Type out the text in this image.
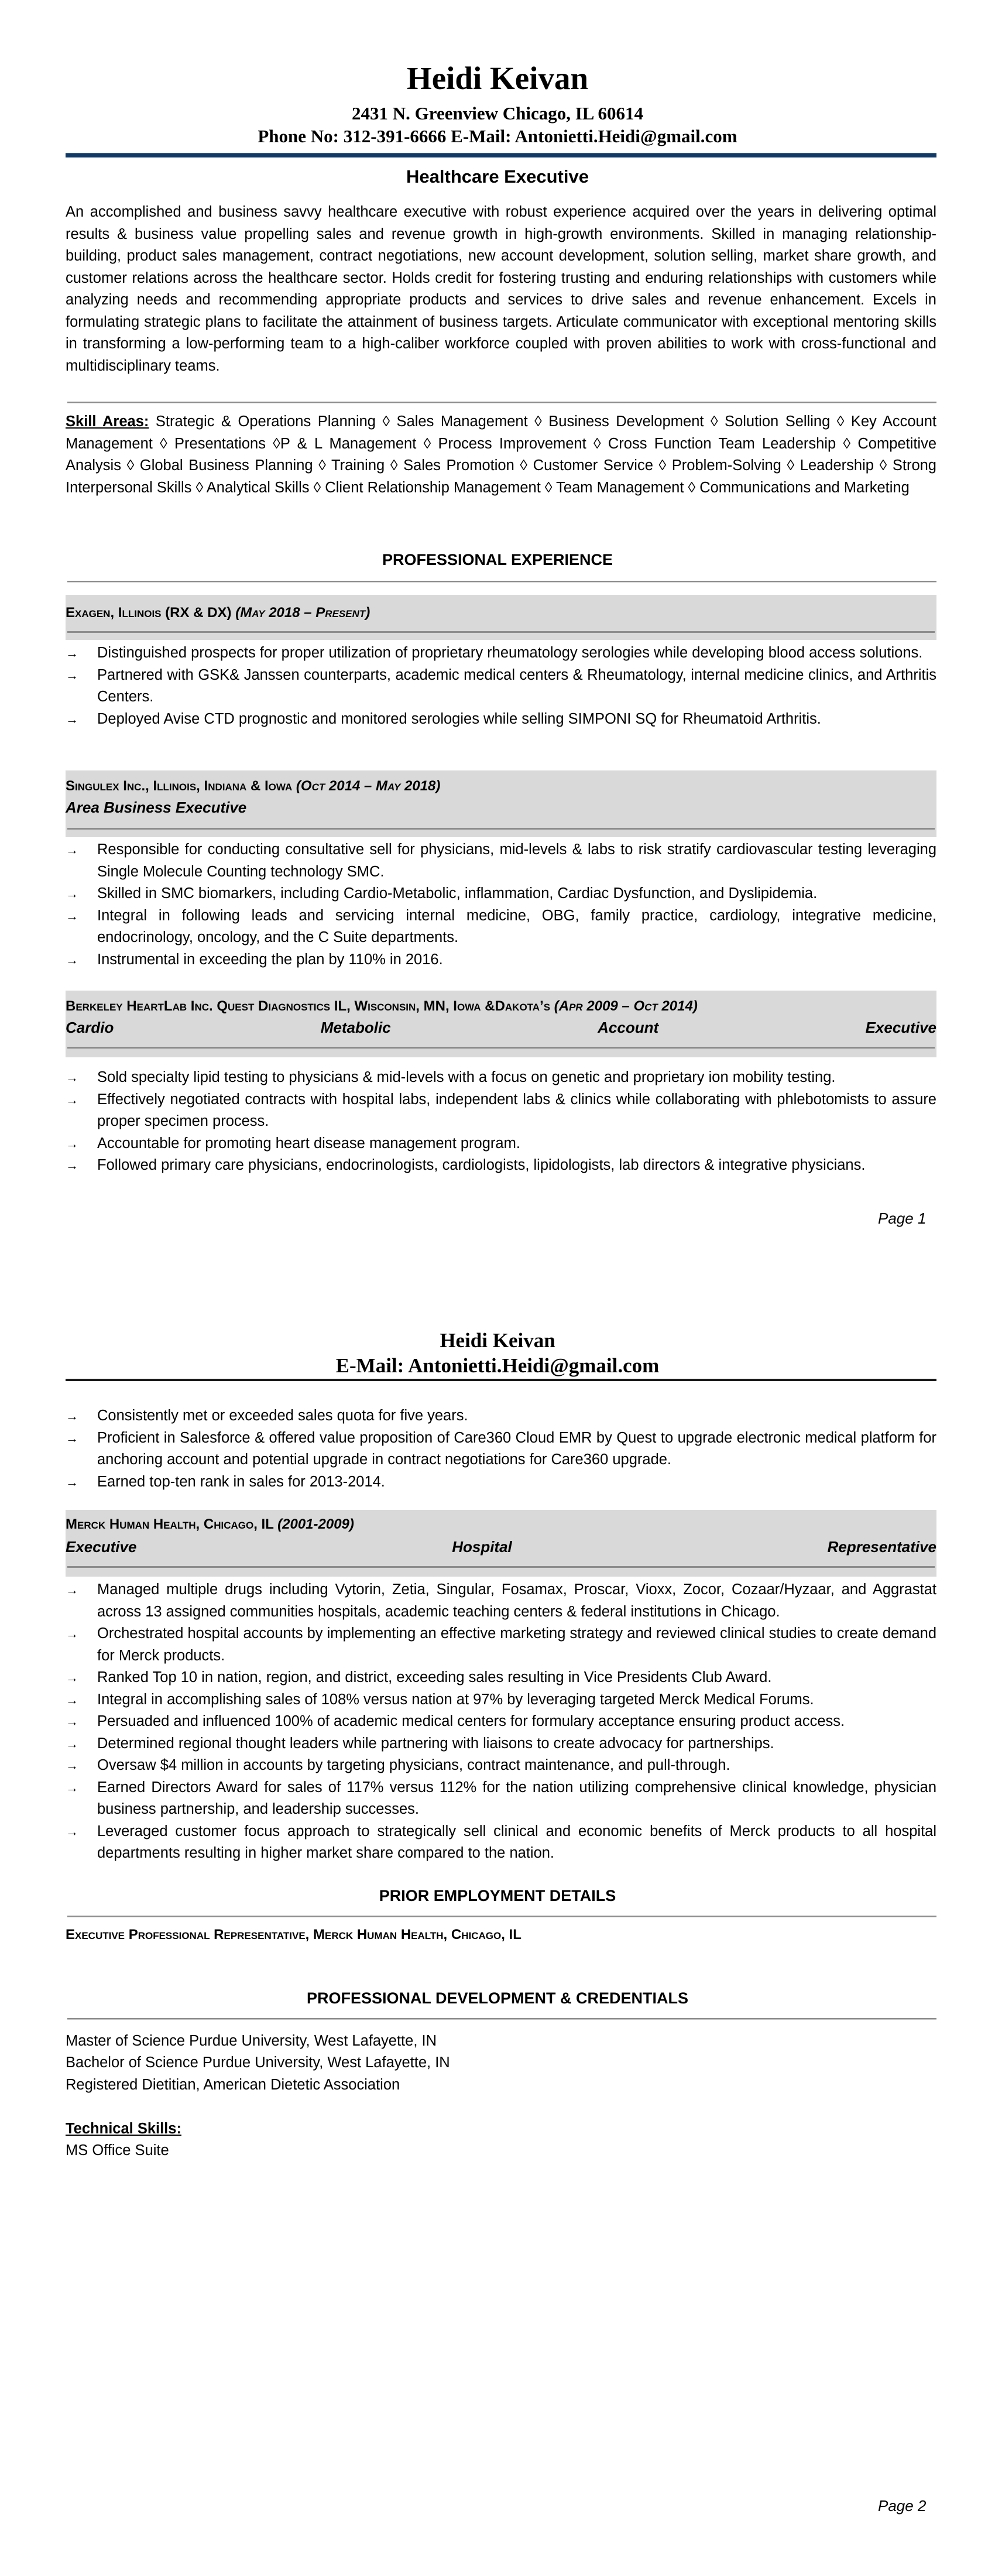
Heidi Keivan
2431 N. Greenview Chicago, IL 60614
Phone No: 312-391-6666 E-Mail: Antonietti.Heidi@gmail.com
Healthcare Executive
An accomplished and business savvy healthcare executive with robust experience acquired over the years in delivering optimal results & business value propelling sales and revenue growth in high-growth environments. Skilled in managing relationship-building, product sales management, contract negotiations, new account development, solution selling, market share growth, and customer relations across the healthcare sector. Holds credit for fostering trusting and enduring relationships with customers while analyzing needs and recommending appropriate products and services to drive sales and revenue enhancement. Excels in formulating strategic plans to facilitate the attainment of business targets. Articulate communicator with exceptional mentoring skills in transforming a low-performing team to a high-caliber workforce coupled with proven abilities to work with cross-functional and multidisciplinary teams.
Skill Areas: Strategic & Operations Planning ◊ Sales Management ◊ Business Development ◊ Solution Selling ◊ Key Account Management ◊ Presentations ◊P & L Management ◊ Process Improvement ◊ Cross Function Team Leadership ◊ Competitive Analysis ◊ Global Business Planning ◊ Training ◊ Sales Promotion ◊ Customer Service ◊ Problem-Solving ◊ Leadership ◊ Strong Interpersonal Skills ◊ Analytical Skills ◊ Client Relationship Management ◊ Team Management ◊ Communications and Marketing
PROFESSIONAL EXPERIENCE
Exagen, Illinois (RX & DX) (May 2018 – Present)
→ Distinguished prospects for proper utilization of proprietary rheumatology serologies while developing blood access solutions.
→ Partnered with GSK& Janssen counterparts, academic medical centers & Rheumatology, internal medicine clinics, and Arthritis Centers.
→ Deployed Avise CTD prognostic and monitored serologies while selling SIMPONI SQ for Rheumatoid Arthritis.
Singulex Inc., Illinois, Indiana & Iowa (Oct 2014 – May 2018)
Area Business Executive
→ Responsible for conducting consultative sell for physicians, mid-levels & labs to risk stratify cardiovascular testing leveraging Single Molecule Counting technology SMC.
→ Skilled in SMC biomarkers, including Cardio-Metabolic, inflammation, Cardiac Dysfunction, and Dyslipidemia.
→ Integral in following leads and servicing internal medicine, OBG, family practice, cardiology, integrative medicine, endocrinology, oncology, and the C Suite departments.
→ Instrumental in exceeding the plan by 110% in 2016.
Berkeley HeartLab Inc. Quest Diagnostics IL, Wisconsin, MN, Iowa &Dakota’s (Apr 2009 – Oct 2014)
Cardio	Metabolic	Account	Executive
→ Sold specialty lipid testing to physicians & mid-levels with a focus on genetic and proprietary ion mobility testing.
→ Effectively negotiated contracts with hospital labs, independent labs & clinics while collaborating with phlebotomists to assure proper specimen process.
→ Accountable for promoting heart disease management program.
→ Followed primary care physicians, endocrinologists, cardiologists, lipidologists, lab directors & integrative physicians.
Page 1
Heidi Keivan
E-Mail: Antonietti.Heidi@gmail.com
→ Consistently met or exceeded sales quota for five years.
→ Proficient in Salesforce & offered value proposition of Care360 Cloud EMR by Quest to upgrade electronic medical platform for anchoring account and potential upgrade in contract negotiations for Care360 upgrade.
→ Earned top-ten rank in sales for 2013-2014.
Merck Human Health, Chicago, IL (2001-2009)
Executive	Hospital	Representative
→ Managed multiple drugs including Vytorin, Zetia, Singular, Fosamax, Proscar, Vioxx, Zocor, Cozaar/Hyzaar, and Aggrastat across 13 assigned communities hospitals, academic teaching centers & federal institutions in Chicago.
→ Orchestrated hospital accounts by implementing an effective marketing strategy and reviewed clinical studies to create demand for Merck products.
→ Ranked Top 10 in nation, region, and district, exceeding sales resulting in Vice Presidents Club Award.
→ Integral in accomplishing sales of 108% versus nation at 97% by leveraging targeted Merck Medical Forums.
→ Persuaded and influenced 100% of academic medical centers for formulary acceptance ensuring product access.
→ Determined regional thought leaders while partnering with liaisons to create advocacy for partnerships.
→ Oversaw $4 million in accounts by targeting physicians, contract maintenance, and pull-through.
→ Earned Directors Award for sales of 117% versus 112% for the nation utilizing comprehensive clinical knowledge, physician business partnership, and leadership successes.
→ Leveraged customer focus approach to strategically sell clinical and economic benefits of Merck products to all hospital departments resulting in higher market share compared to the nation.
PRIOR EMPLOYMENT DETAILS
Executive Professional Representative, Merck Human Health, Chicago, IL
PROFESSIONAL DEVELOPMENT & CREDENTIALS
Master of Science Purdue University, West Lafayette, IN
Bachelor of Science Purdue University, West Lafayette, IN
Registered Dietitian, American Dietetic Association
Technical Skills:
MS Office Suite
Page 2
